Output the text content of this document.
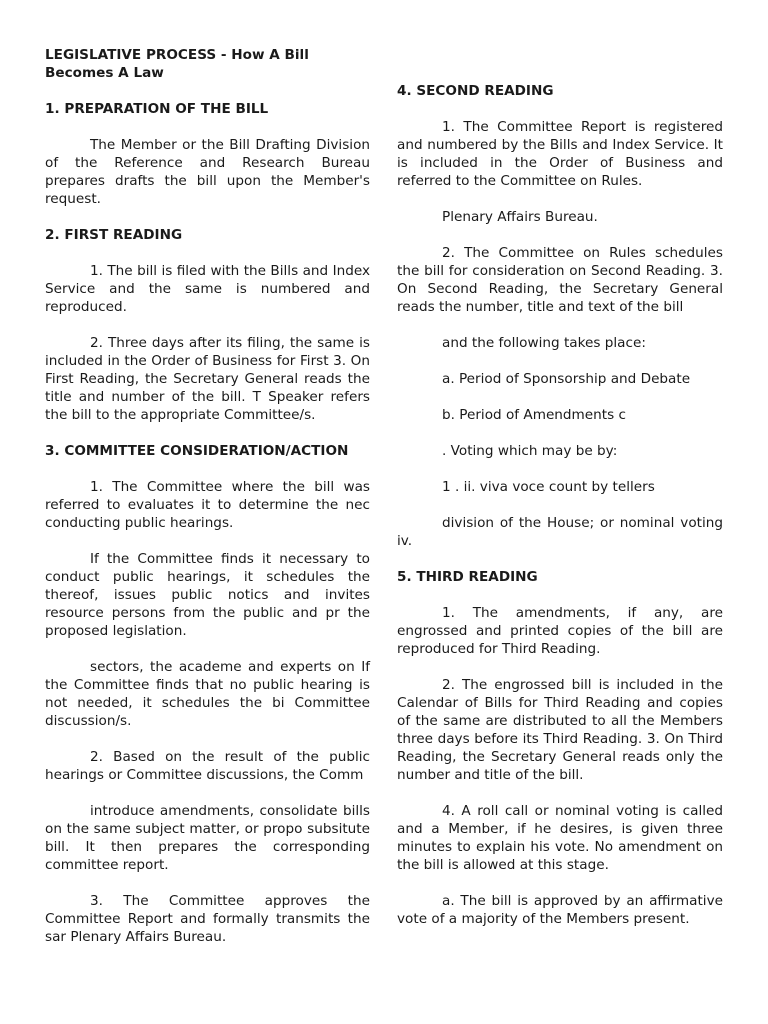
LEGISLATIVE PROCESS - How A Bill Becomes A Law
1. PREPARATION OF THE BILL
The Member or the Bill Drafting Division of the Reference and Research Bureau prepares drafts the bill upon the Member's request.
2. FIRST READING
1. The bill is filed with the Bills and Index Service and the same is numbered and reproduced.
2. Three days after its filing, the same is included in the Order of Business for First 3. On First Reading, the Secretary General reads the title and number of the bill. T Speaker refers the bill to the appropriate Committee/s.
3. COMMITTEE CONSIDERATION/ACTION
1. The Committee where the bill was referred to evaluates it to determine the nec conducting public hearings.
If the Committee finds it necessary to conduct public hearings, it schedules the thereof, issues public notics and invites resource persons from the public and pr the proposed legislation.
sectors, the academe and experts on If the Committee finds that no public hearing is not needed, it schedules the bi Committee discussion/s.
2. Based on the result of the public hearings or Committee discussions, the Comm
introduce amendments, consolidate bills on the same subject matter, or propo subsitute bill. It then prepares the corresponding committee report.
3. The Committee approves the Committee Report and formally transmits the sar Plenary Affairs Bureau.
4. SECOND READING
1. The Committee Report is registered and numbered by the Bills and Index Service. It is included in the Order of Business and referred to the Committee on Rules.
Plenary Affairs Bureau.
2. The Committee on Rules schedules the bill for consideration on Second Reading. 3. On Second Reading, the Secretary General reads the number, title and text of the bill
and the following takes place:
a. Period of Sponsorship and Debate
b. Period of Amendments c
. Voting which may be by:
1 . ii. viva voce count by tellers
division of the House; or nominal voting iv.
5. THIRD READING
1. The amendments, if any, are engrossed and printed copies of the bill are reproduced for Third Reading.
2. The engrossed bill is included in the Calendar of Bills for Third Reading and copies of the same are distributed to all the Members three days before its Third Reading. 3. On Third Reading, the Secretary General reads only the number and title of the bill.
4. A roll call or nominal voting is called and a Member, if he desires, is given three minutes to explain his vote. No amendment on the bill is allowed at this stage.
a. The bill is approved by an affirmative vote of a majority of the Members present.
